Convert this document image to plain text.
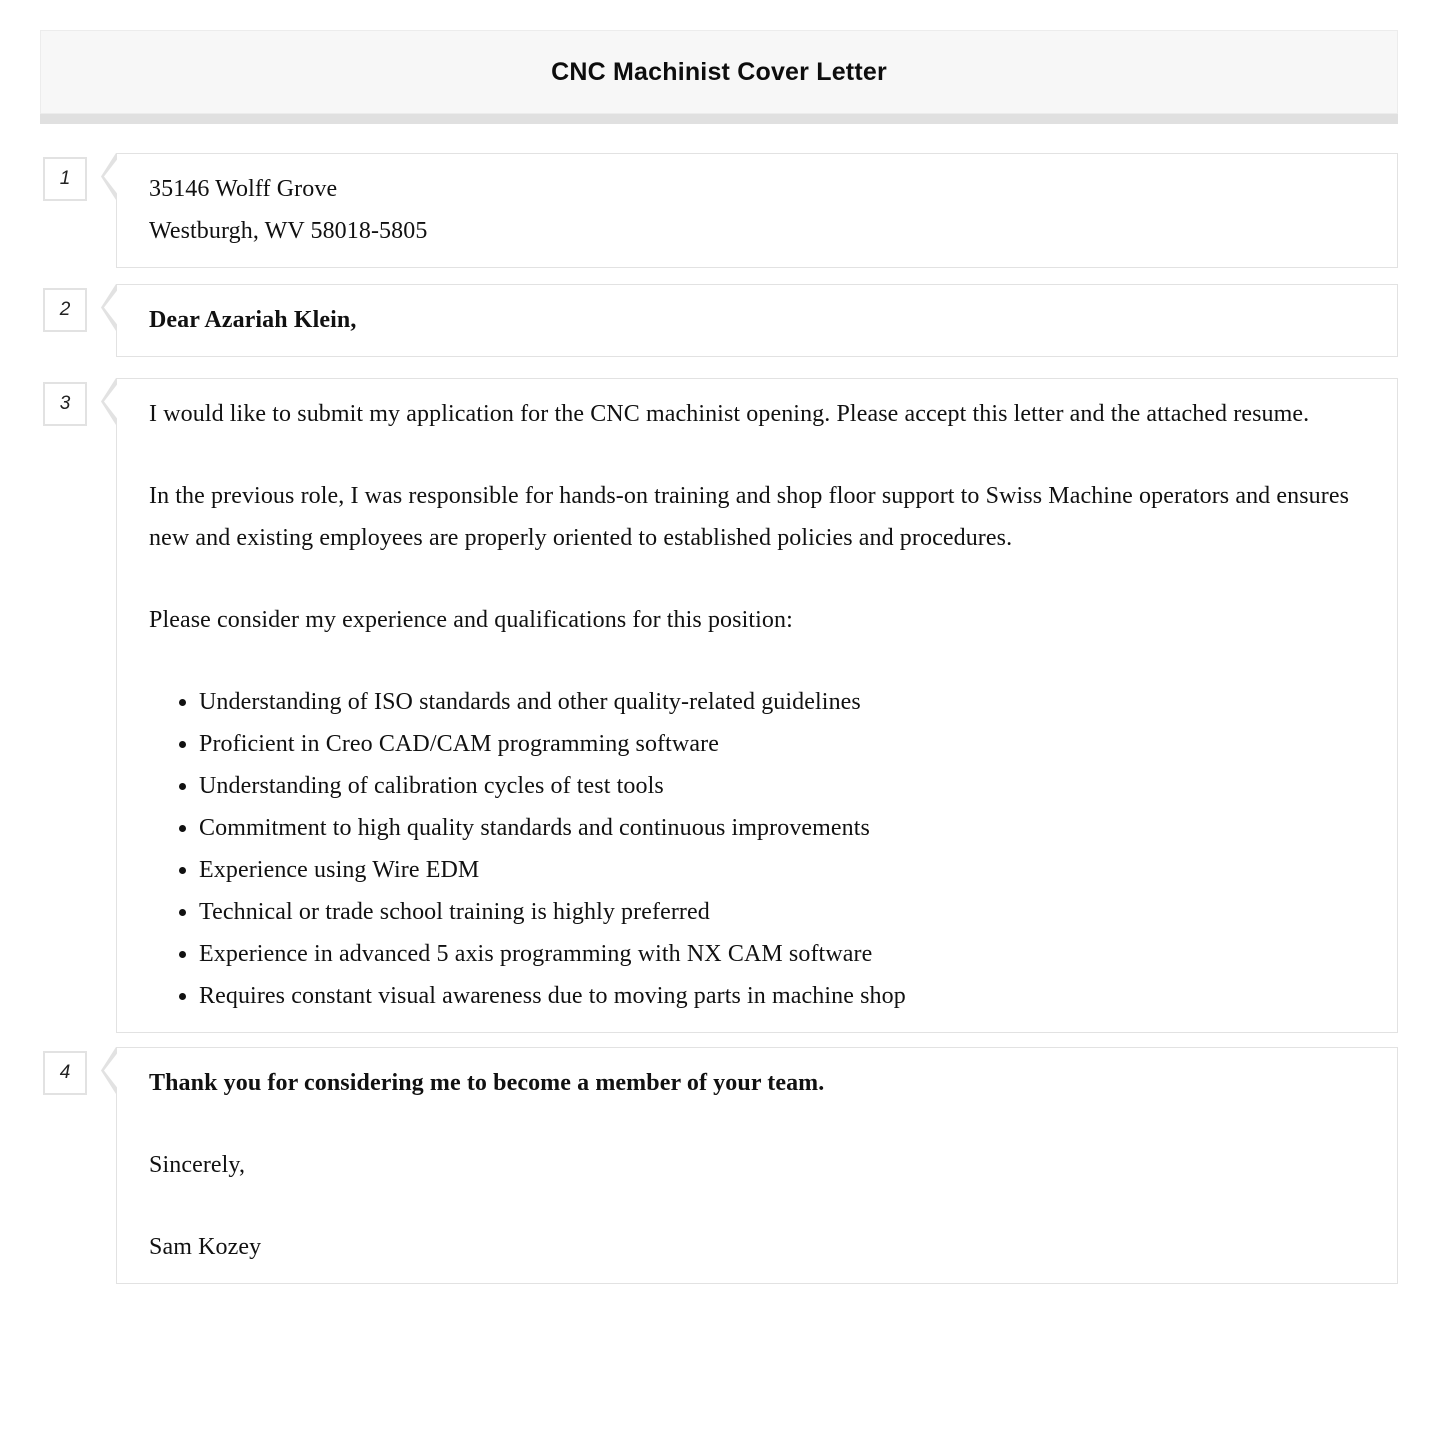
CNC Machinist Cover Letter
1	35146 Wolff Grove

Westburgh, WV 58018-5805

2	Dear Azariah Klein,

3	I would like to submit my application for the CNC machinist opening. Please accept this letter and the attached resume.

In the previous role, I was responsible for hands-on training and shop floor support to Swiss Machine operators and ensures new and existing employees are properly oriented to established policies and procedures.

Please consider my experience and qualifications for this position:

• Understanding of ISO standards and other quality-related guidelines
• Proficient in Creo CAD/CAM programming software
• Understanding of calibration cycles of test tools
• Commitment to high quality standards and continuous improvements
• Experience using Wire EDM
• Technical or trade school training is highly preferred
• Experience in advanced 5 axis programming with NX CAM software
• Requires constant visual awareness due to moving parts in machine shop
4	Thank you for considering me to become a member of your team.

Sincerely,

Sam Kozey
